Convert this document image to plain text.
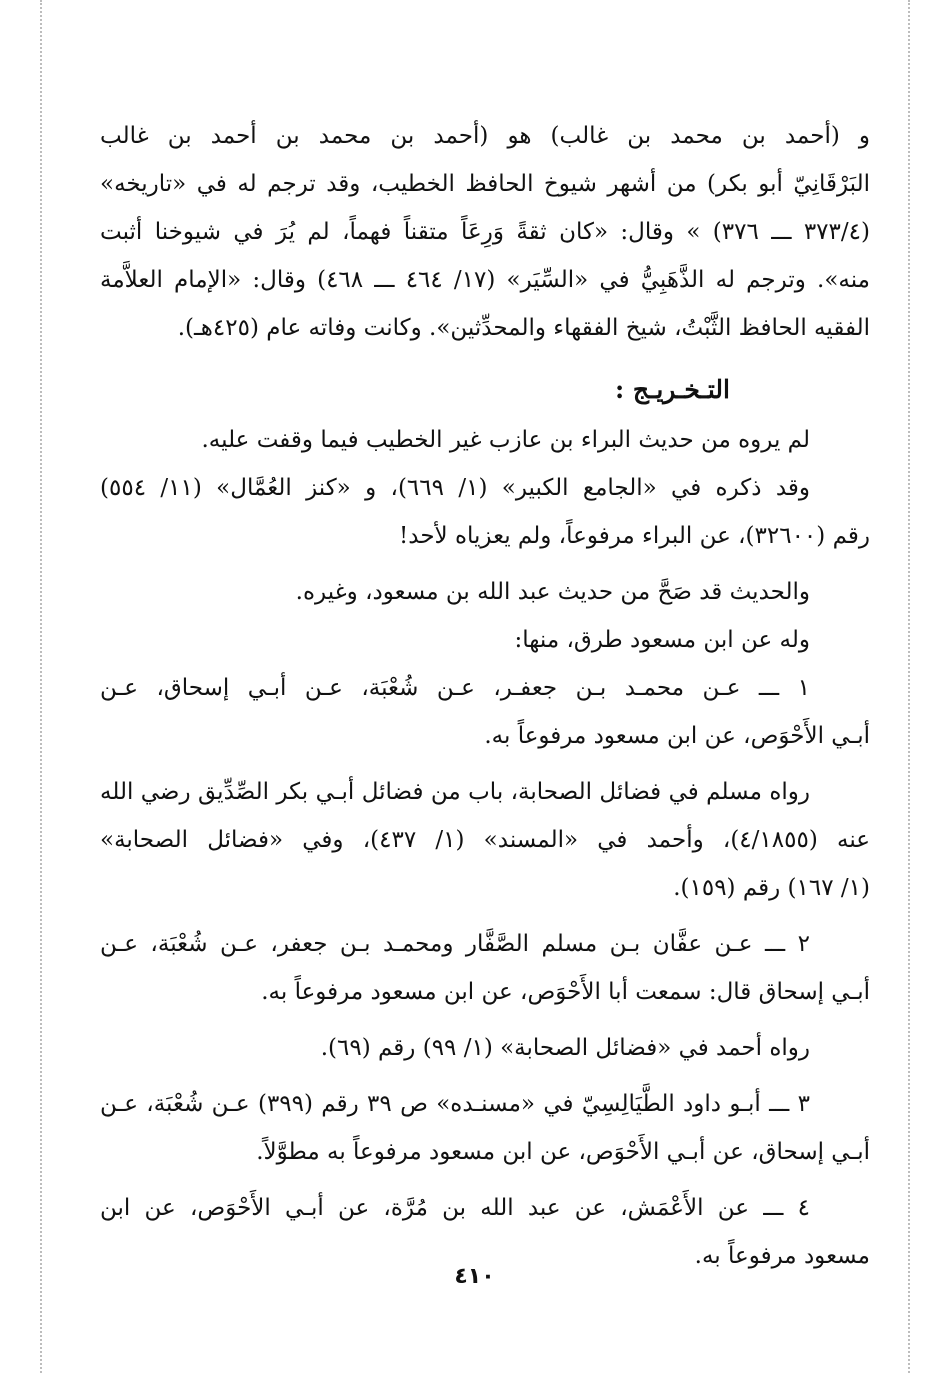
و (أحمد بن محمد بن غالب) هو (أحمد بن محمد بن أحمد بن غالب
البَرْقَانِيّ أبو بكر) من أشهر شيوخ الحافظ الخطيب، وقد ترجم له في «تاريخه»
(٣٧٣/٤ ـــ ٣٧٦) » وقال: «كان ثقةً وَرِعَاً متقناً فهماً، لم يُرَ في شيوخنا أثبت
منه». وترجم له الذَّهَبِيُّ في «السِّيَر» (١٧/ ٤٦٤ ـــ ٤٦٨) وقال: «الإمام العلاَّمة
الفقيه الحافظ الثَّبْتُ، شيخ الفقهاء والمحدِّثين». وكانت وفاته عام (٤٢٥هـ).
التـخـريـج :
لم يروه من حديث البراء بن عازب غير الخطيب فيما وقفت عليه.
وقد ذكره في «الجامع الكبير» (١/ ٦٦٩)، و «كنز العُمَّال» (١١/ ٥٥٤)
رقم (٣٢٦٠٠)، عن البراء مرفوعاً، ولم يعزياه لأحد!
والحديث قد صَحَّ من حديث عبد الله بن مسعود، وغيره.
وله عن ابن مسعود طرق، منها:
١ ـــ عـن محمـد بـن جعفـر، عـن شُعْبَة، عـن أبـي إسحاق، عـن
أبـي الأَحْوَص، عن ابن مسعود مرفوعاً به.
رواه مسلم في فضائل الصحابة، باب من فضائل أبـي بكر الصِّدِّيق رضي الله
عنه (٤/١٨٥٥)، وأحمد في «المسند» (١/ ٤٣٧)، وفي «فضائل الصحابة»
(١/ ١٦٧) رقم (١٥٩).
٢ ـــ عـن عفَّان بـن مسلم الصَّفَّار ومحمـد بـن جعفر، عـن شُعْبَة، عـن
أبـي إسحاق قال: سمعت أبا الأَحْوَص، عن ابن مسعود مرفوعاً به.
رواه أحمد في «فضائل الصحابة» (١/ ٩٩) رقم (٦٩).
٣ ـــ أبـو داود الطَّيَالِسِيّ في «مسنـده» ص ٣٩ رقم (٣٩٩) عـن شُعْبَة، عـن
أبـي إسحاق، عن أبـي الأَحْوَص، عن ابن مسعود مرفوعاً به مطوَّلاً.
٤ ـــ عن الأَعْمَش، عن عبد الله بن مُرَّة، عن أبـي الأَحْوَص، عن ابن
مسعود مرفوعاً به.
٤١٠
